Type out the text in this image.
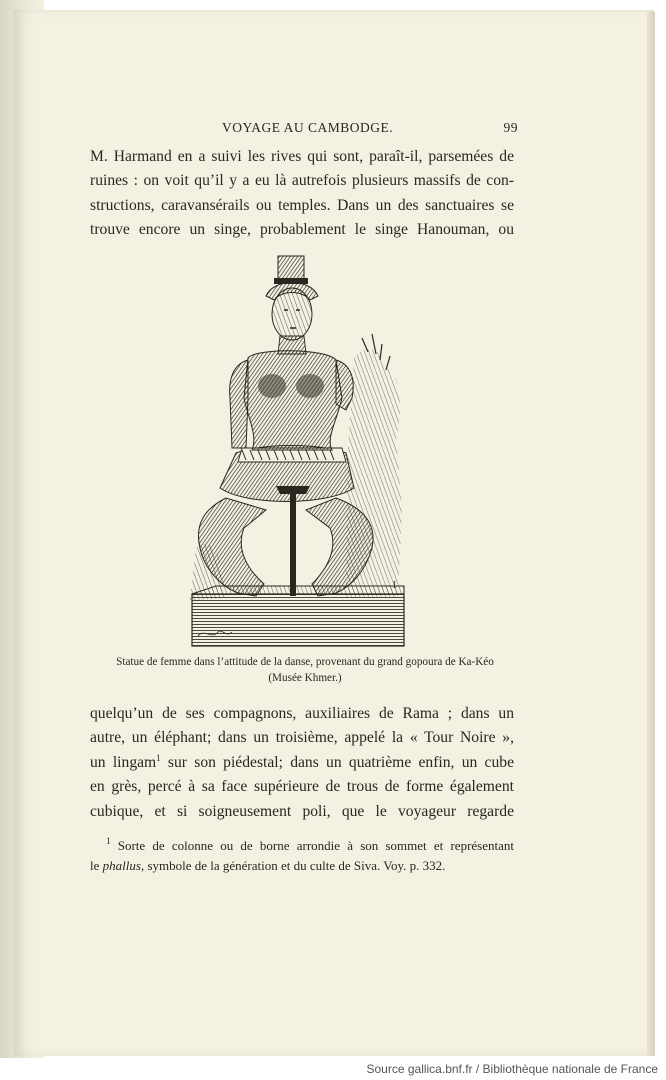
VOYAGE AU CAMBODGE.	99
M. Harmand en a suivi les rives qui sont, paraît-il, parsemées de
ruines : on voit qu’il y a eu là autrefois plusieurs massifs de con-
structions, caravansérails ou temples. Dans un des sanctuaires se
trouve encore un singe, probablement le singe Hanouman, ou
1
Statue de femme dans l’attitude de la danse, provenant du grand gopoura de Ka-Kéo
(Musée Khmer.)
quelqu’un de ses compagnons, auxiliaires de Rama ; dans un
autre, un éléphant; dans un troisième, appelé la « Tour Noire »,
un lingam$^1$ sur son piédestal; dans un quatrième enfin, un cube
en grès, percé à sa face supérieure de trous de forme également
cubique, et si soigneusement poli, que le voyageur regarde
$^1$ Sorte de colonne ou de borne arrondie à son sommet et représentant
le phallus, symbole de la génération et du culte de Siva. Voy. p. 332.
Source gallica.bnf.fr / Bibliothèque nationale de France
